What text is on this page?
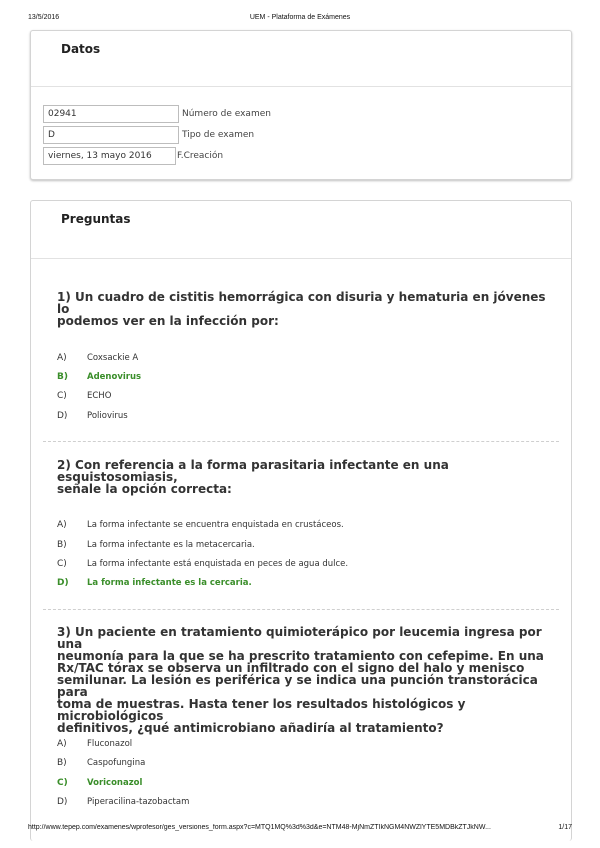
13/5/2016	UEM - Plataforma de Exámenes
Datos
02941	Número de examen
D	Tipo de examen
viernes, 13 mayo 2016	F.Creación
Preguntas
1) Un cuadro de cistitis hemorrágica con disuria y hematuria en jóvenes lo
podemos ver en la infección por:
A) Coxsackie A
B) Adenovirus
C) ECHO
D) Poliovirus
2) Con referencia a la forma parasitaria infectante en una esquistosomiasis,
señale la opción correcta:
A) La forma infectante se encuentra enquistada en crustáceos.
B) La forma infectante es la metacercaria.
C) La forma infectante está enquistada en peces de agua dulce.
D) La forma infectante es la cercaria.
3) Un paciente en tratamiento quimioterápico por leucemia ingresa por una
neumonía para la que se ha prescrito tratamiento con cefepime. En una
Rx/TAC tórax se observa un infiltrado con el signo del halo y menisco
semilunar. La lesión es periférica y se indica una punción transtorácica para
toma de muestras. Hasta tener los resultados histológicos y microbiológicos
definitivos, ¿qué antimicrobiano añadiría al tratamiento?
A) Fluconazol
B) Caspofungina
C) Voriconazol
D) Piperacilina-tazobactam
http://www.tepep.com/examenes/wprofesor/ges_versiones_form.aspx?c=MTQ1MQ%3d%3d&e=NTM48-MjNmZTIkNGM4NWZlYTE5MDBkZTJkNW...	1/17
